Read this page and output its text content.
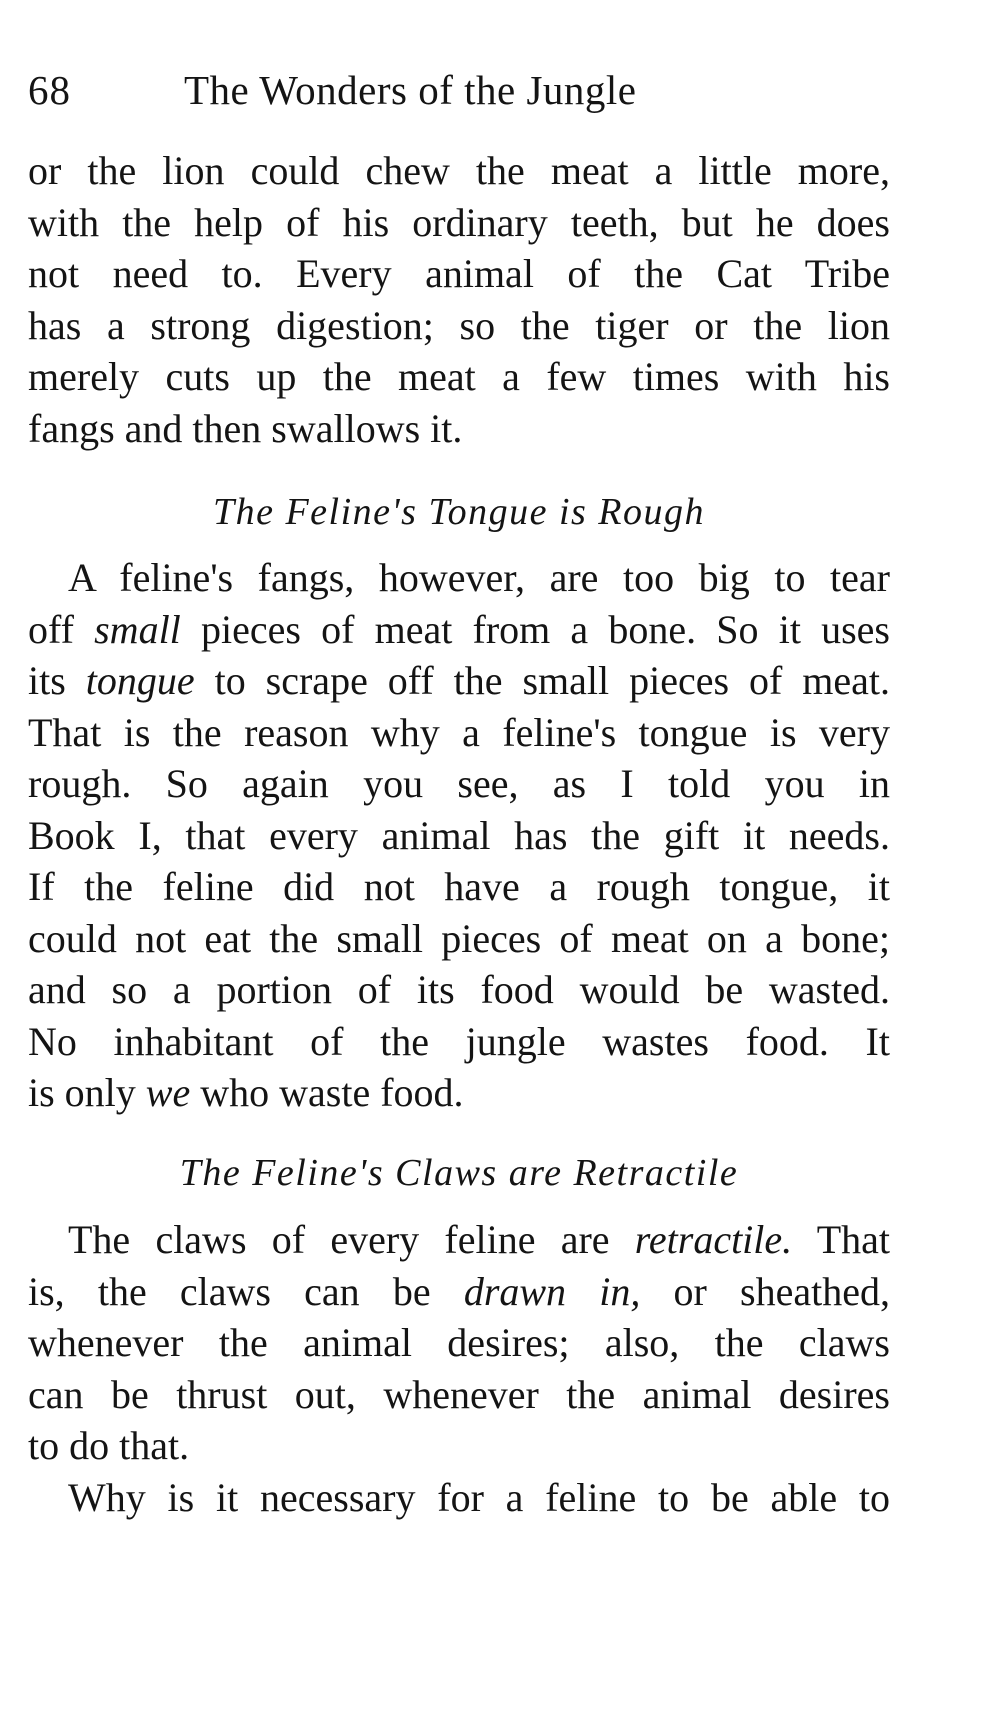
68	The Wonders of the Jungle
or the lion could chew the meat a little more,
with the help of his ordinary teeth, but he does
not need to. Every animal of the Cat Tribe
has a strong digestion; so the tiger or the lion
merely cuts up the meat a few times with his
fangs and then swallows it.
The Feline's Tongue is Rough
A feline's fangs, however, are too big to tear
off small pieces of meat from a bone. So it uses
its tongue to scrape off the small pieces of meat.
That is the reason why a feline's tongue is very
rough. So again you see, as I told you in
Book I, that every animal has the gift it needs.
If the feline did not have a rough tongue, it
could not eat the small pieces of meat on a bone;
and so a portion of its food would be wasted.
No inhabitant of the jungle wastes food. It
is only we who waste food.
The Feline's Claws are Retractile
The claws of every feline are retractile. That
is, the claws can be drawn in, or sheathed,
whenever the animal desires; also, the claws
can be thrust out, whenever the animal desires
to do that.
Why is it necessary for a feline to be able to
